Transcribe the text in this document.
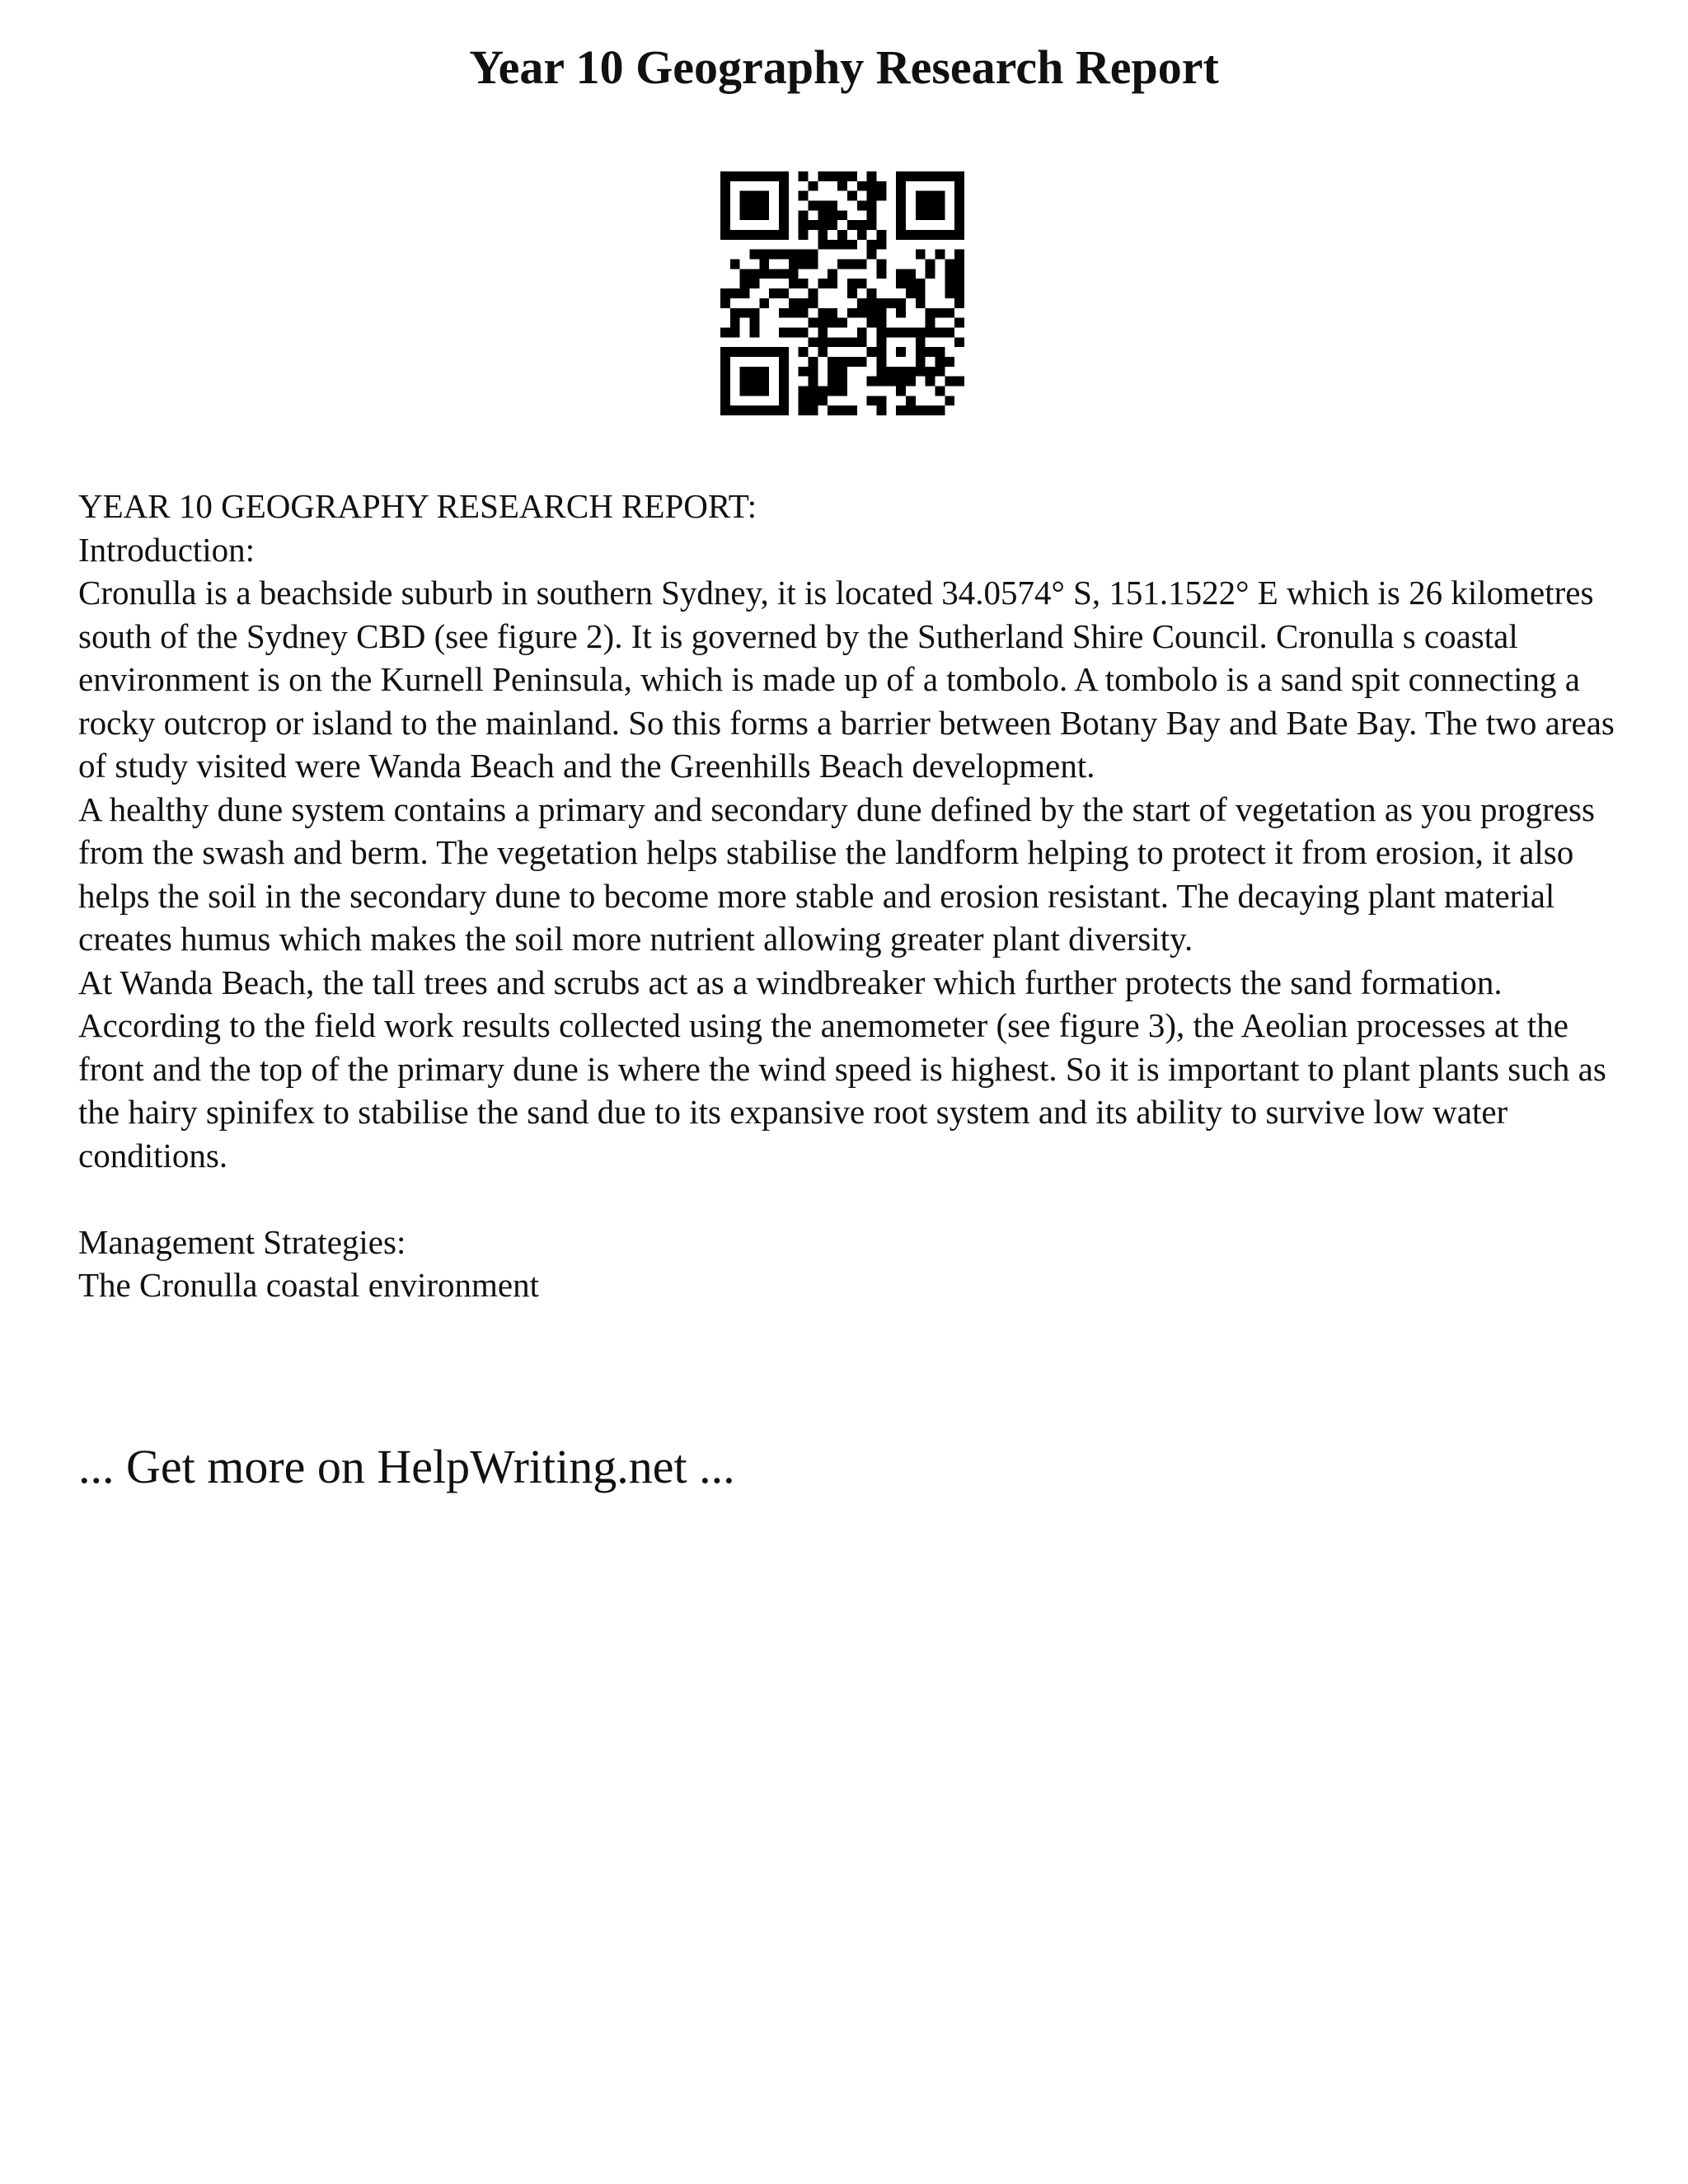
Year 10 Geography Research Report

YEAR 10 GEOGRAPHY RESEARCH REPORT:

Introduction:

Cronulla is a beachside suburb in southern Sydney, it is located 34.0574° S, 151.1522° E which is 26 kilometres south of the Sydney CBD (see figure 2). It is governed by the Sutherland Shire Council. Cronulla s coastal environment is on the Kurnell Peninsula, which is made up of a tombolo. A tombolo is a sand spit connecting a rocky outcrop or island to the mainland. So this forms a barrier between Botany Bay and Bate Bay. The two areas of study visited were Wanda Beach and the Greenhills Beach development.

A healthy dune system contains a primary and secondary dune defined by the start of vegetation as you progress from the swash and berm. The vegetation helps stabilise the landform helping to protect it from erosion, it also helps the soil in the secondary dune to become more stable and erosion resistant. The decaying plant material creates humus which makes the soil more nutrient allowing greater plant diversity.

At Wanda Beach, the tall trees and scrubs act as a windbreaker which further protects the sand formation. According to the field work results collected using the anemometer (see figure 3), the Aeolian processes at the front and the top of the primary dune is where the wind speed is highest. So it is important to plant plants such as the hairy spinifex to stabilise the sand due to its expansive root system and its ability to survive low water conditions.

Management Strategies:

The Cronulla coastal environment

... Get more on HelpWriting.net ...
